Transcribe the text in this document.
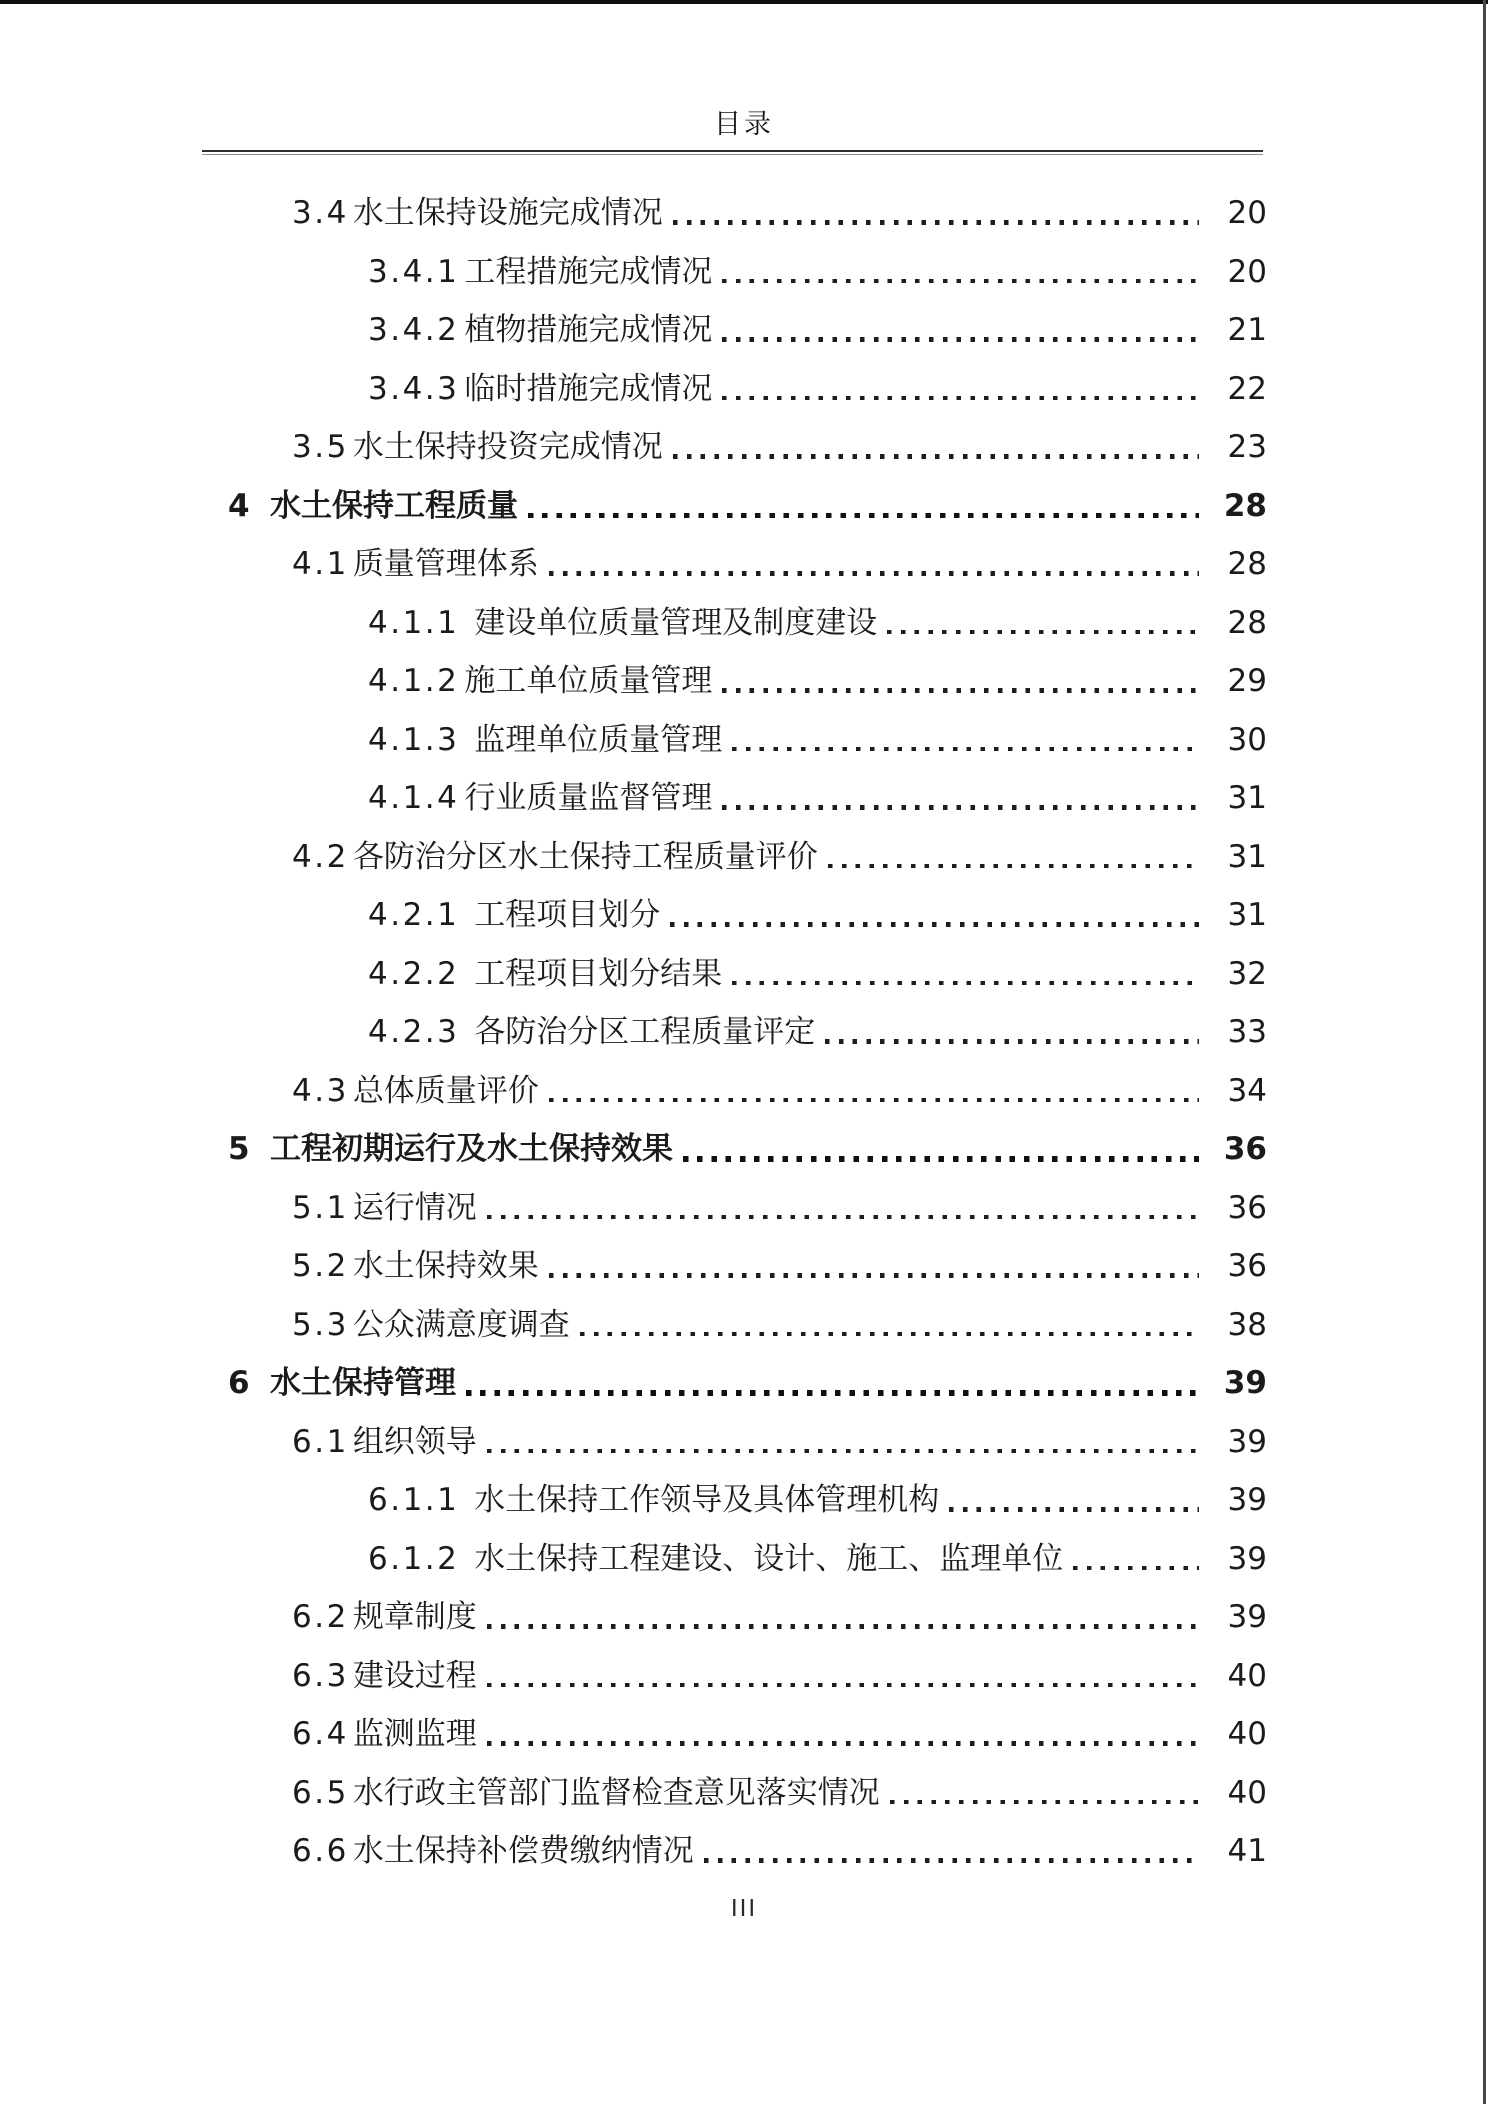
目录
3.4 水土保持设施完成情况	20
3.4.1 工程措施完成情况	20
3.4.2 植物措施完成情况	21
3.4.3 临时措施完成情况	22
3.5 水土保持投资完成情况	23
4 水土保持工程质量	28
4.1 质量管理体系	28
4.1.1 建设单位质量管理及制度建设	28
4.1.2 施工单位质量管理	29
4.1.3 监理单位质量管理	30
4.1.4 行业质量监督管理	31
4.2 各防治分区水土保持工程质量评价	31
4.2.1 工程项目划分	31
4.2.2 工程项目划分结果	32
4.2.3 各防治分区工程质量评定	33
4.3 总体质量评价	34
5 工程初期运行及水土保持效果	36
5.1 运行情况	36
5.2 水土保持效果	36
5.3 公众满意度调查	38
6 水土保持管理	39
6.1 组织领导	39
6.1.1 水土保持工作领导及具体管理机构	39
6.1.2 水土保持工程建设、设计、施工、监理单位	39
6.2 规章制度	39
6.3 建设过程	40
6.4 监测监理	40
6.5 水行政主管部门监督检查意见落实情况	40
6.6 水土保持补偿费缴纳情况	41
III
